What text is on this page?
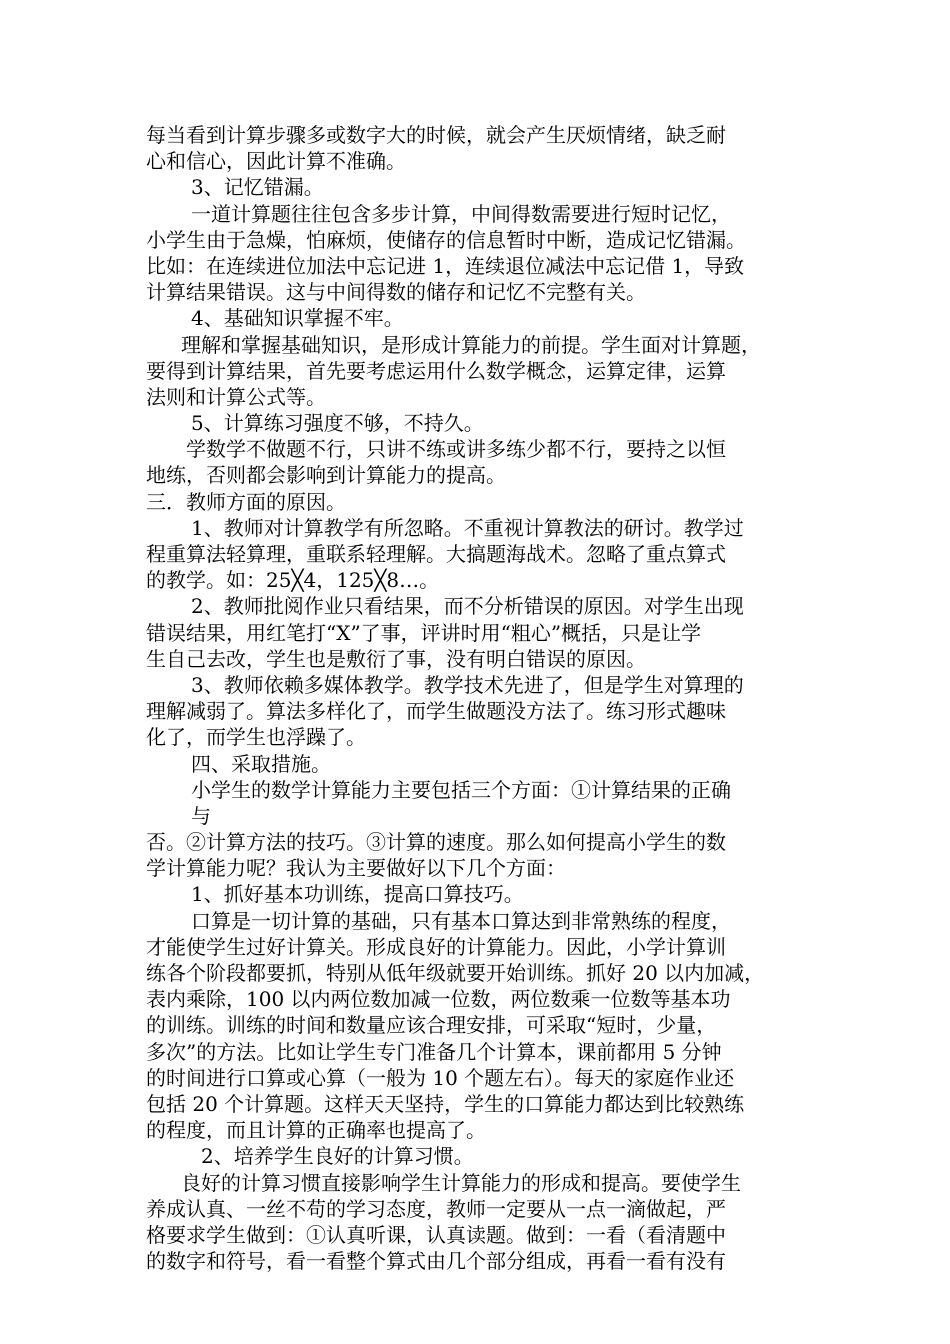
每当看到计算步骤多或数字大的时候，就会产生厌烦情绪，缺乏耐
心和信心，因此计算不准确。
3、记忆错漏。
一道计算题往往包含多步计算，中间得数需要进行短时记忆，
小学生由于急燥，怕麻烦，使储存的信息暂时中断，造成记忆错漏。
比如：在连续进位加法中忘记进 1，连续退位减法中忘记借 1，导致
计算结果错误。这与中间得数的储存和记忆不完整有关。
4、基础知识掌握不牢。
理解和掌握基础知识，是形成计算能力的前提。学生面对计算题，
要得到计算结果，首先要考虑运用什么数学概念，运算定律，运算
法则和计算公式等。
5、计算练习强度不够，不持久。
学数学不做题不行，只讲不练或讲多练少都不行，要持之以恒
地练，否则都会影响到计算能力的提高。
三．教师方面的原因。
1、教师对计算教学有所忽略。不重视计算教法的研讨。教学过
程重算法轻算理，重联系轻理解。大搞题海战术。忽略了重点算式
的教学。如：25╳4，125╳8…。
2、教师批阅作业只看结果，而不分析错误的原因。对学生出现
错误结果，用红笔打“X”了事，评讲时用“粗心”概括，只是让学
生自己去改，学生也是敷衍了事，没有明白错误的原因。
3、教师依赖多媒体教学。教学技术先进了，但是学生对算理的
理解减弱了。算法多样化了，而学生做题没方法了。练习形式趣味
化了，而学生也浮躁了。
四、采取措施。
小学生的数学计算能力主要包括三个方面：①计算结果的正确
与
否。②计算方法的技巧。③计算的速度。那么如何提高小学生的数
学计算能力呢？我认为主要做好以下几个方面：
1、抓好基本功训练，提高口算技巧。
口算是一切计算的基础，只有基本口算达到非常熟练的程度，
才能使学生过好计算关。形成良好的计算能力。因此，小学计算训
练各个阶段都要抓，特别从低年级就要开始训练。抓好 20 以内加减，
表内乘除，100 以内两位数加减一位数，两位数乘一位数等基本功
的训练。训练的时间和数量应该合理安排，可采取“短时，少量，
多次”的方法。比如让学生专门准备几个计算本，课前都用 5 分钟
的时间进行口算或心算（一般为 10 个题左右）。每天的家庭作业还
包括 20 个计算题。这样天天坚持，学生的口算能力都达到比较熟练
的程度，而且计算的正确率也提高了。
2、培养学生良好的计算习惯。
良好的计算习惯直接影响学生计算能力的形成和提高。要使学生
养成认真、一丝不苟的学习态度，教师一定要从一点一滴做起，严
格要求学生做到：①认真听课，认真读题。做到：一看（看清题中
的数字和符号，看一看整个算式由几个部分组成，再看一看有没有
